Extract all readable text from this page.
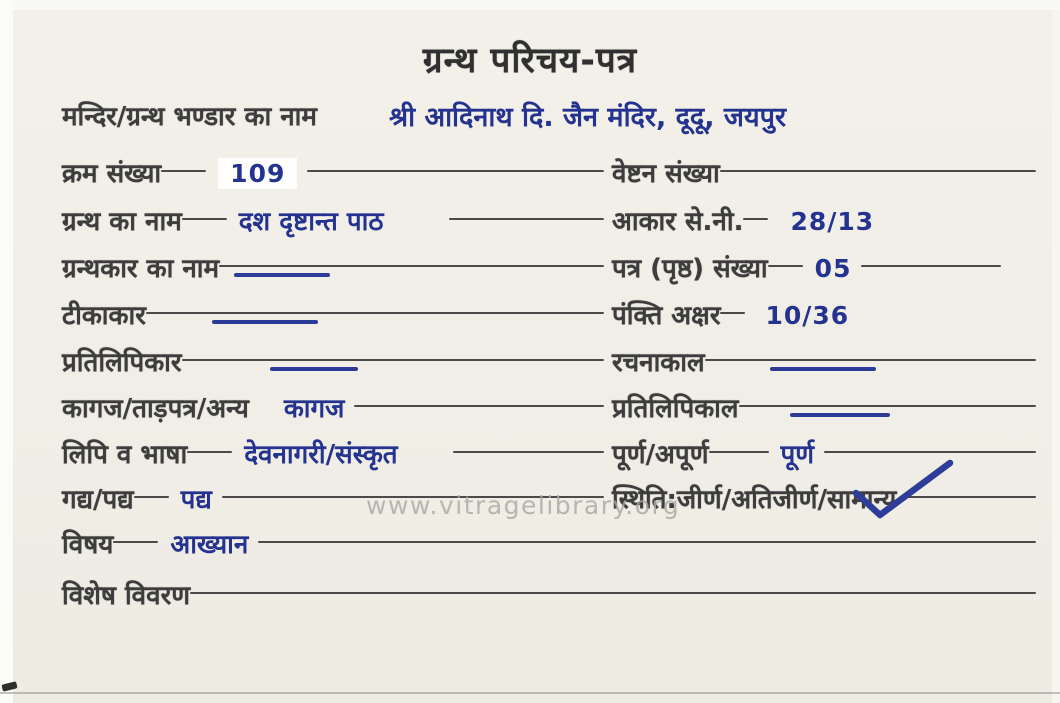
ग्रन्थ परिचय-पत्र
मन्दिर/ग्रन्थ भण्डार का नाम	श्री आदिनाथ दि. जैन मंदिर, दूदू, जयपुर
क्रम संख्या	109	वेष्टन संख्या
ग्रन्थ का नाम दश दृष्टान्त पाठ	आकार से.नी. 28/13
ग्रन्थकार का नाम	पत्र (पृष्ठ) संख्या 05
टीकाकार	पंक्ति अक्षर 10/36
प्रतिलिपिकार	रचनाकाल
कागज/ताड़पत्र/अन्य कागज	प्रतिलिपिकाल
लिपि व भाषा देवनागरी/संस्कृत	पूर्ण/अपूर्ण	पूर्ण
गद्य/पद्य पद्य	स्थिति:जीर्ण/अतिजीर्ण/सामान्य
विषय आख्यान
विशेष विवरण
www.vitragelibrary.org
